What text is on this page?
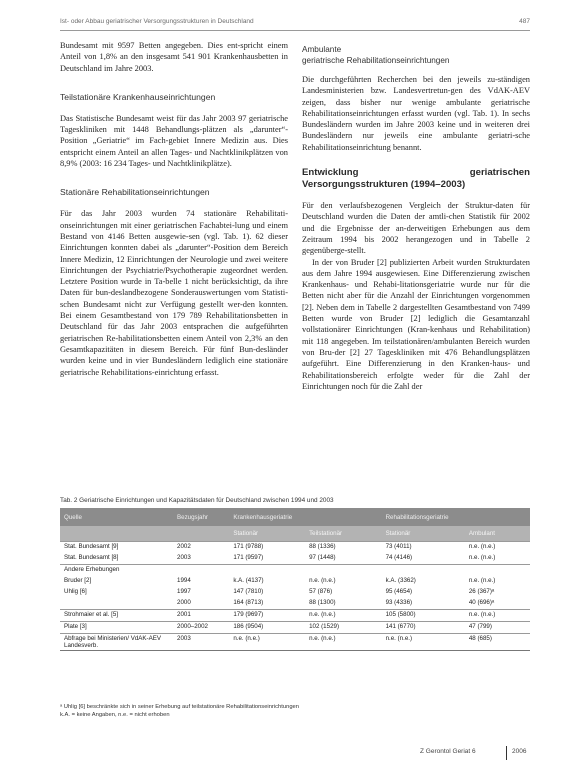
Ist- oder Abbau geriatrischer Versorgungsstrukturen in Deutschland	487

Bundesamt mit 9597 Betten angegeben. Dies ent-spricht einem Anteil von 1,8% an den insgesamt 541 901 Krankenhausbetten in Deutschland im Jahre 2003.

Teilstationäre Krankenhauseinrichtungen

Das Statistische Bundesamt weist für das Jahr 2003 97 geriatrische Tageskliniken mit 1448 Behandlungs-plätzen als „darunter“-Position „Geriatrie“ im Fach-gebiet Innere Medizin aus. Dies entspricht einem Anteil an allen Tages- und Nachtklinikplätzen von 8,9% (2003: 16 234 Tages- und Nachtklinikplätze).

Stationäre Rehabilitationseinrichtungen

Für das Jahr 2003 wurden 74 stationäre Rehabilitati-onseinrichtungen mit einer geriatrischen Fachabtei-lung und einem Bestand von 4146 Betten ausgewie-sen (vgl. Tab. 1). 62 dieser Einrichtungen konnten dabei als „darunter“-Position dem Bereich Innere Medizin, 12 Einrichtungen der Neurologie und zwei weitere Einrichtungen der Psychiatrie/Psychotherapie zugeordnet werden. Letztere Position wurde in Ta-belle 1 nicht berücksichtigt, da ihre Daten für bun-deslandbezogene Sonderauswertungen vom Statisti-schen Bundesamt nicht zur Verfügung gestellt wer-den konnten. Bei einem Gesamtbestand von 179 789 Rehabilitationsbetten in Deutschland für das Jahr 2003 entsprachen die aufgeführten geriatrischen Re-habilitationsbetten einem Anteil von 2,3% an den Gesamtkapazitäten in diesem Bereich. Für fünf Bun-desländer wurden keine und in vier Bundesländern lediglich eine stationäre geriatrische Rehabilitations-einrichtung erfasst.

Ambulante
geriatrische Rehabilitationseinrichtungen

Die durchgeführten Recherchen bei den jeweils zu-ständigen Landesministerien bzw. Landesvertretun-gen des VdAK-AEV zeigen, dass bisher nur wenige ambulante geriatrische Rehabilitationseinrichtungen erfasst wurden (vgl. Tab. 1). In sechs Bundesländern wurden im Jahre 2003 keine und in weiteren drei Bundesländern nur jeweils eine ambulante geriatri-sche Rehabilitationseinrichtung benannt.

Entwicklung geriatrischen Versorgungsstrukturen (1994–2003)

Für den verlaufsbezogenen Vergleich der Struktur-daten für Deutschland wurden die Daten der amtli-chen Statistik für 2002 und die Ergebnisse der an-derweitigen Erhebungen aus dem Zeitraum 1994 bis 2002 herangezogen und in Tabelle 2 gegenüberge-stellt.

In der von Bruder [2] publizierten Arbeit wurden Strukturdaten aus dem Jahre 1994 ausgewiesen. Eine Differenzierung zwischen Krankenhaus- und Rehabi-litationsgeriatrie wurde nur für die Betten nicht aber für die Anzahl der Einrichtungen vorgenommen [2]. Neben dem in Tabelle 2 dargestellten Gesamtbestand von 7499 Betten wurde von Bruder [2] lediglich die Gesamtanzahl vollstationärer Einrichtungen (Kran-kenhaus und Rehabilitation) mit 118 angegeben. Im teilstationären/ambulanten Bereich wurden von Bru-der [2] 27 Tageskliniken mit 476 Behandlungsplätzen aufgeführt. Eine Differenzierung in den Kranken-haus- und Rehabilitationsbereich erfolgte weder für die Zahl der Einrichtungen noch für die Zahl der

Tab. 2 Geriatrische Einrichtungen und Kapazitätsdaten für Deutschland zwischen 1994 und 2003
Quelle	Bezugsjahr	Krankenhausgeriatrie		Rehabilitationsgeriatrie	
		Stationär	Teilstationär	Stationär	Ambulant
Stat. Bundesamt [9]	2002	171 (9788)	88 (1336)	73 (4011)	n.e. (n.e.)
Stat. Bundesamt [8]	2003	171 (9597)	97 (1448)	74 (4146)	n.e. (n.e.)
Andere Erhebungen					
Bruder [2]	1994	k.A. (4137)	n.e. (n.e.)	k.A. (3362)	n.e. (n.e.)
Uhlig [6]	1997	147 (7810)	57 (876)	95 (4654)	26 (367)ᵃ
	2000	164 (8713)	88 (1300)	93 (4336)	40 (696)ᵃ
Strohmaier et al. [5]	2001	179 (9697)	n.e. (n.e.)	105 (5800)	n.e. (n.e.)
Plate [3]	2000–2002	186 (9504)	102 (1529)	141 (6770)	47 (799)
Abfrage bei Ministerien/ VdAK-AEV Landesverb.	2003	n.e. (n.e.)	n.e. (n.e.)	n.e. (n.e.)	48 (685)
ᵃ Uhlig [6] beschränkte sich in seiner Erhebung auf teilstationäre Rehabilitationseinrichtungen
k.A. = keine Angaben, n.e. = nicht erhoben
Z Gerontol Geriat 6	2006
